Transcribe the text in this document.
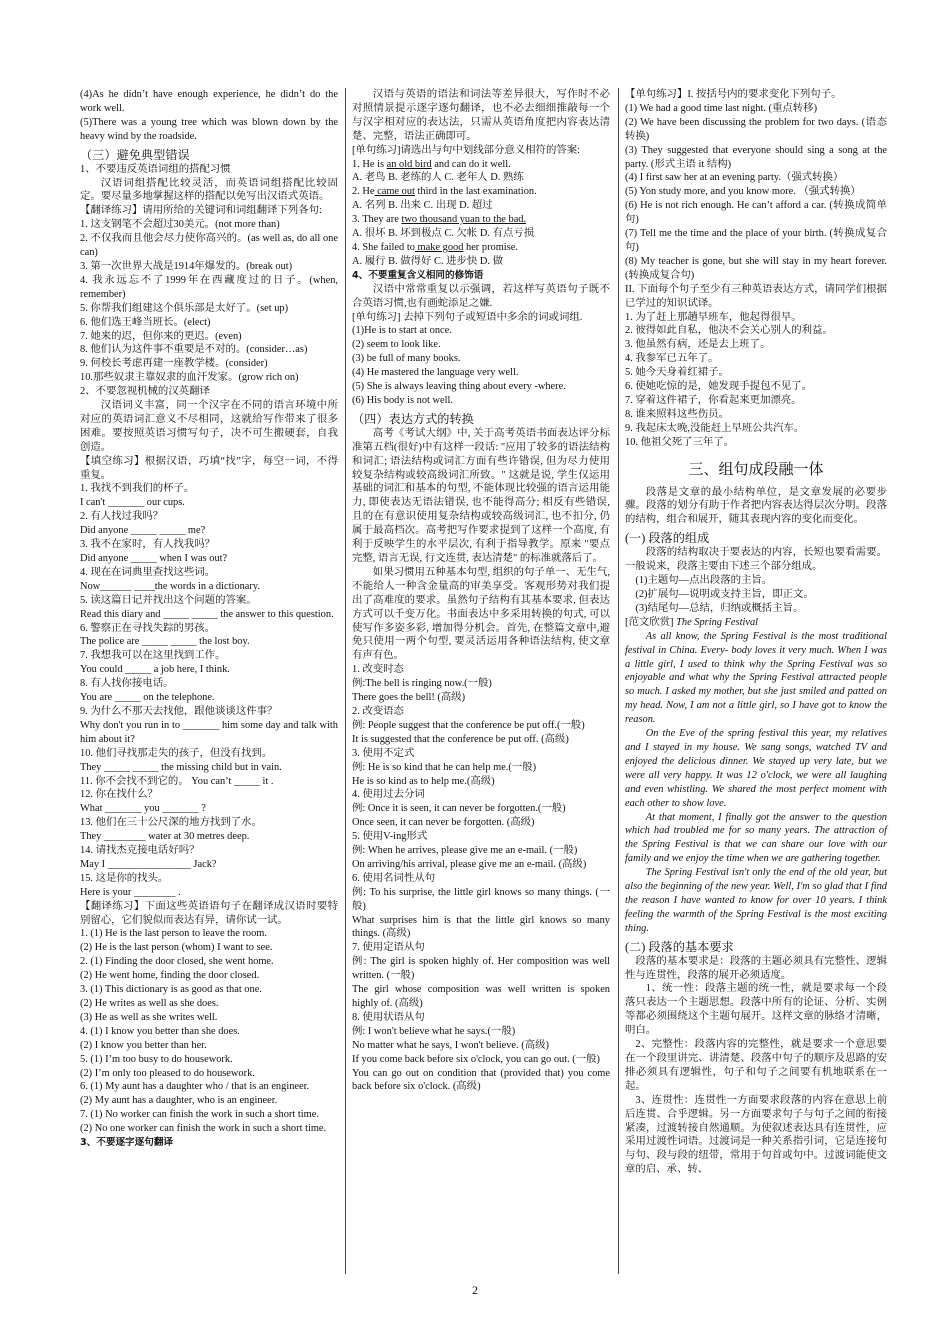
(4)As he didn’t have enough experience, he didn’t do the work well.

(5)There was a young tree which was blown down by the heavy wind by the roadside.

（三）避免典型错误

1、不要违反英语词组的搭配习惯

汉语词组搭配比较灵活，而英语词组搭配比较固定。要尽量多地掌握这样的搭配以免写出汉语式英语。

【翻译练习】请用所给的关键词和词组翻译下列各句:

1. 这支钢笔不会超过30美元。(not more than)

2. 不仅我而且他会尽力使你高兴的。(as well as, do all one can)

3. 第一次世界大战是1914年爆发的。(break out)

4. 我永远忘不了1999年在西藏度过的日子。(when, remember)

5. 你帮我们组建这个俱乐部是太好了。(set up)

6. 他们选王峰当班长。(elect)

7. 她来的迟，但你来的更迟。(even)

8. 他们认为这件事不重要是不对的。(consider…as)

9. 何校长考虑再建一座教学楼。(consider)

10.那些奴隶主靠奴隶的血汗发家。(grow rich on)

2、不要忽视机械的汉英翻译

汉语词义丰富，同一个汉字在不同的语言环境中所对应的英语词汇意义不尽相同，这就给写作带来了很多困难。要按照英语习惯写句子，决不可生搬硬套，自我创造。

【填空练习】根据汉语，巧填“找”字，每空一词，不得重复。

1. 我找不到我们的杯子。

I can't _______ our cups.

2. 有人找过我吗？

Did anyone _____ _____ me?

3. 我不在家时，有人找我吗？

Did anyone _____ when I was out?

4. 现在在词典里查找这些词。

Now______ ____the words in a dictionary.

5. 读这篇日记并找出这个问题的答案。

Read this diary and _____ _____ the answer to this question.

6. 警察正在寻找失踪的男孩。

The police are _____ _____ the lost boy.

7. 我想我可以在这里找到工作。

You could _____ a job here, I think.

8. 有人找你接电话。

You are _____ on the telephone.

9. 为什么不那天去找他，跟他谈谈这件事？

Why don't you run in to _______ him some day and talk with him about it?

10. 他们寻找那走失的孩子，但没有找到。

They _____ _____ the missing child but in vain.

11. 你不会找不到它的。 You can’t _____ it .

12. 你在找什么？

What _______ you _______ ?

13. 他们在三十公尺深的地方找到了水。

They ________ water at 30 metres deep.

14. 请找杰克接电话好吗？

May I ________________ Jack?

15. 这是你的找头。

Here is your ________ .

【翻译练习】下面这些英语语句子在翻译成汉语时要特别留心，它们貌似而表达有异，请你试一试。

1. (1) He is the last person to leave the room.

(2) He is the last person (whom) I want to see.

2. (1) Finding the door closed, she went home.

(2) He went home, finding the door closed.

3. (1) This dictionary is as good as that one.

(2) He writes as well as she does.

(3) He as well as she writes well.

4. (1) I know you better than she does.

(2) I know you better than her.

5. (1) I’m too busy to do housework.

(2) I’m only too pleased to do housework.

6. (1) My aunt has a daughter who / that is an engineer.

(2) My aunt has a daughter, who is an engineer.

7. (1) No worker can finish the work in such a short time.

(2) No one worker can finish the work in such a short time.

3、不要逐字逐句翻译

汉语与英语的语法和词法等差异很大，写作时不必对照情景提示逐字逐句翻译，也不必去细细推敲每一个与汉字相对应的表达法，只需从英语角度把内容表达清楚、完整，语法正确即可。

[单句练习]请选出与句中划线部分意义相符的答案:

1. He is an old bird and can do it well.

A. 老鸟 B. 老练的人 C. 老年人 D. 熟练

2. He came out third in the last examination.

A. 名列 B. 出来 C. 出现 D. 超过

3. They are two thousand yuan to the bad.

A. 很坏 B. 坏到极点 C. 欠帐 D. 有点亏损

4. She failed to make good her promise.

A. 履行 B. 做得好 C. 进步快 D. 做

4、不要重复含义相同的修饰语

汉语中常常重复以示强调，若这样写英语句子既不合英语习惯,也有画蛇添足之嫌.

[单句练习] 去掉下列句子或短语中多余的词或词组.

(1)He is to start at once.

(2) seem to look like.

(3) be full of many books.

(4) He mastered the language very well.

(5) She is always leaving thing about every -where.

(6) His body is not well.

（四）表达方式的转换

高考《考试大纲》中, 关于高考英语书面表达评分标准第五档(很好)中有这样一段话: "应用了较多的语法结构和词汇; 语法结构或词汇方面有些许错误, 但为尽力使用较复杂结构或较高级词汇所致。" 这就是说, 学生仅运用基础的词汇和基本的句型, 不能体现比较强的语言运用能力, 即使表达无语法错误, 也不能得高分; 相反有些错误, 且的在有意识使用复杂结构或较高级词汇, 也不扣分, 仍属于最高档次。高考把写作要求提到了这样一个高度, 有利于反映学生的水平层次, 有利于指导教学。原来 "要点完整, 语言无误, 行文连贯, 表达清楚" 的标准就落后了。

如果习惯用五种基本句型, 组织的句子单一、无生气, 不能给人一种含金量高的审美享受。客观形势对我们提出了高难度的要求。虽然句子结构有其基本要求, 但表达方式可以千变万化。书面表达中多采用转换的句式, 可以使写作多姿多彩, 增加得分机会。首先, 在整篇文章中,避免只使用一两个句型, 要灵活运用各种语法结构, 使文章有声有色。

1. 改变时态

例:The bell is ringing now.(一般)

There goes the bell! (高级)

2. 改变语态

例: People suggest that the conference be put off.(一般)

It is suggested that the conference be put off. (高级)

3. 使用不定式

例: He is so kind that he can help me.(一般)

He is so kind as to help me.(高级)

4. 使用过去分词

例: Once it is seen, it can never be forgotten.(一般)

Once seen, it can never be forgotten. (高级)

5. 使用V-ing形式

例: When he arrives, please give me an e-mail. (一般)

On arriving/his arrival, please give me an e-mail. (高级)

6. 使用名词性从句

例: To his surprise, the little girl knows so many things. (一般)

What surprises him is that the little girl knows so many things. (高级)

7. 使用定语从句

例: The girl is spoken highly of. Her composition was well written. (一般)

The girl whose composition was well written is spoken highly of. (高级)

8. 使用状语从句

例: I won't believe what he says.(一般)

No matter what he says, I won't believe. (高级)

If you come back before six o'clock, you can go out. (一般)

You can go out on condition that (provided that) you come back before six o'clock. (高级)

【单句练习】I. 按括号内的要求变化下列句子。

(1) We had a good time last night. (重点转移)

(2) We have been discussing the problem for two days. (语态转换)

(3) They suggested that everyone should sing a song at the party. (形式主语 it 结构)

(4) I first saw her at an evening party.（强式转换）

(5) Yon study more, and you know more. （强式转换）

(6) He is not rich enough. He can’t afford a car. (转换成简单句)

(7) Tell me the time and the place of your birth. (转换成复合句)

(8) My teacher is gone, but she will stay in my heart forever. (转换成复合句)

II. 下面每个句子至少有三种英语表达方式，请同学们根据已学过的知识试译。

1. 为了赶上那趟早班车，他起得很早。

2. 彼得如此自私，他决不会关心别人的利益。

3. 他虽然有病，还是去上班了。

4. 我参军已五年了。

5. 她今天身着红裙子。

6. 使她吃惊的是，她发现手提包不见了。

7. 穿着这件裙子，你看起来更加漂亮。

8. 谁来照料这些伤员。

9. 我起床太晚,没能赶上早班公共汽车。

10. 他祖父死了三年了。

三、组句成段融一体

段落是文章的最小结构单位，是文章发展的必要步骤。段落的划分有助于作者把内容表达得层次分明。段落的结构，组合和展开，随其表现内容的变化而变化。

(一) 段落的组成

段落的结构取决于要表达的内容，长短也要看需要。一般说来，段落主要由下述三个部分组成。

(1)主题句—点出段落的主旨。

(2)扩展句—说明或支持主旨，即正文。

(3)结尾句—总结，归纳或概括主旨。

[范文欣赏] The Spring Festival

As all know, the Spring Festival is the most traditional festival in China. Every- body loves it very much. When I was a little girl, I used to think why the Spring Festival was so enjoyable and what why the Spring Festival attracted people so much. I asked my mother, but she just smiled and patted on my head. Now, I am not a little girl, so I have got to know the reason.

On the Eve of the spring festival this year, my relatives and I stayed in my house. We sang songs, watched TV and enjoyed the delicious dinner. We stayed up very late, but we were all very happy. It was 12 o'clock, we were all laughing and even whistling. We shared the most perfect moment with each other to show love.

At that moment, I finally got the answer to the question which had troubled me for so many years. The attraction of the Spring Festival is that we can share our love with our family and we enjoy the time when we are gathering together.

The Spring Festival isn't only the end of the old year, but also the beginning of the new year. Well, I'm so glad that I find the reason I have wanted to know for over 10 years. I think feeling the warmth of the Spring Festival is the most exciting thing.

(二) 段落的基本要求

段落的基本要求是：段落的主题必须具有完整性、逻辑性与连贯性，段落的展开必须适度。

1、统一性：段落主题的统一性，就是要求每一个段落只表达一个主题思想。段落中所有的论证、分析、实例等都必须围绕这个主题句展开。这样文章的脉络才清晰，明白。

2、完整性：段落内容的完整性，就是要求一个意思要在一个段里讲完、讲清楚、段落中句子的顺序及思路的安排必须具有逻辑性，句子和句子之间要有机地联系在一起。

3、连贯性：连贯性一方面要求段落的内容在意思上前后连贯、合乎逻辑。另一方面要求句子与句子之间的衔接紧凑，过渡转接自然通顺。为使叙述表达具有连贯性，应采用过渡性词语。过渡词是一种关系指引词，它是连接句与句、段与段的纽带，常用于句首或句中。过渡词能使文章的启、承、转、

2
